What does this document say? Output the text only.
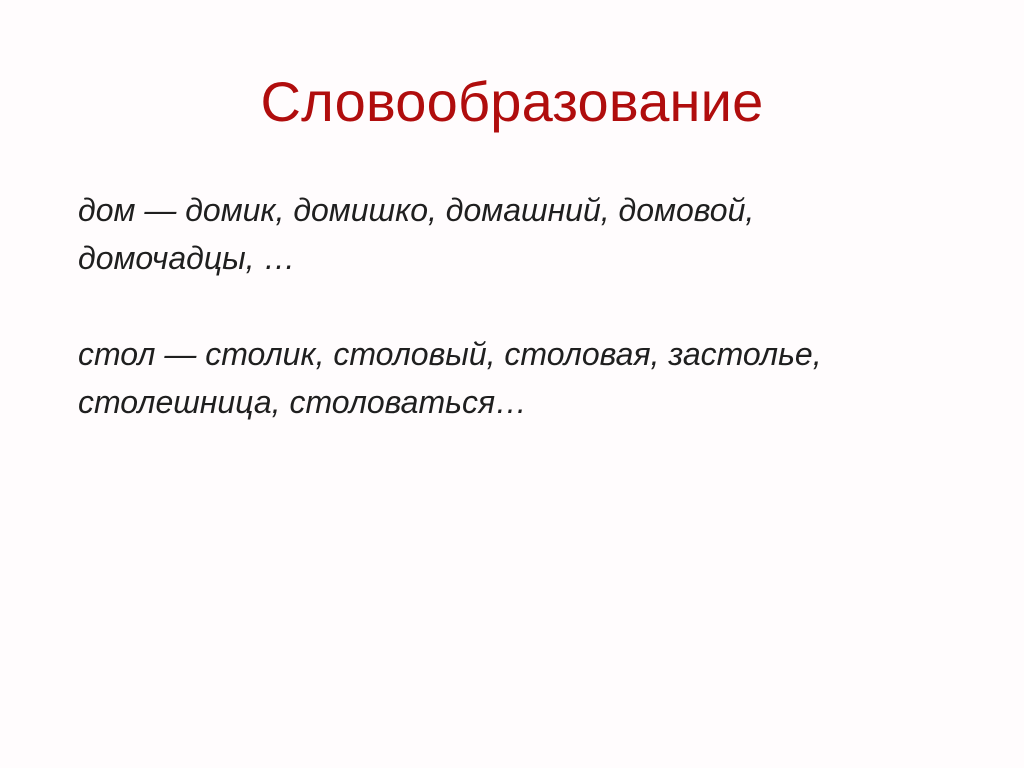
Словообразование

дом — домик, домишко, домашний, домовой,
домочадцы, …

стол — столик, столовый, столовая, застолье,
столешница, столоваться…
